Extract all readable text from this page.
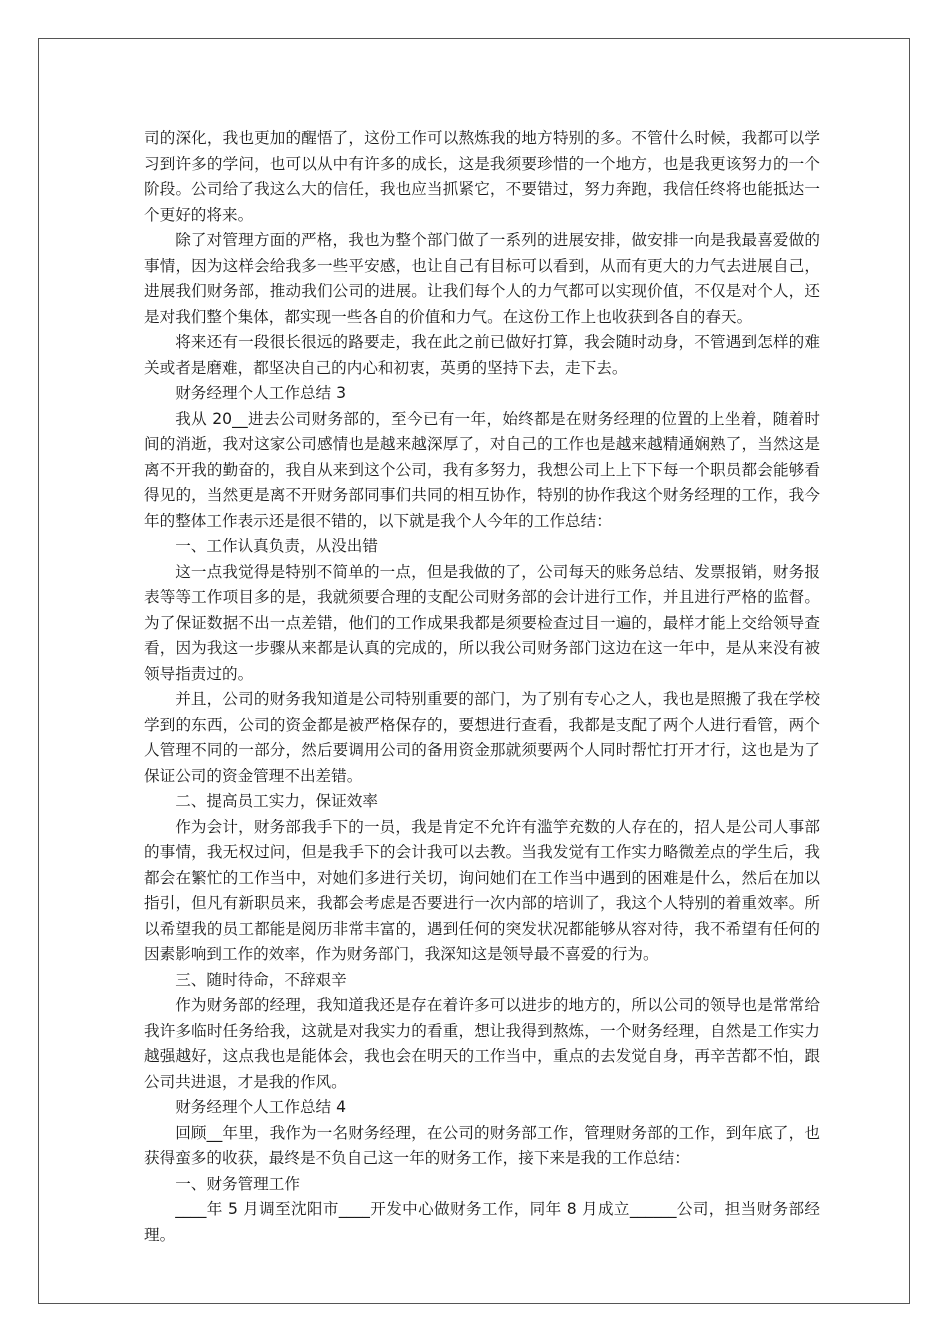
司的深化，我也更加的醒悟了，这份工作可以熬炼我的地方特别的多。不管什么时候，我都可以学习到许多的学问，也可以从中有许多的成长，这是我须要珍惜的一个地方，也是我更该努力的一个阶段。公司给了我这么大的信任，我也应当抓紧它，不要错过，努力奔跑，我信任终将也能抵达一个更好的将来。

除了对管理方面的严格，我也为整个部门做了一系列的进展安排，做安排一向是我最喜爱做的事情，因为这样会给我多一些平安感，也让自己有目标可以看到，从而有更大的力气去进展自己，进展我们财务部，推动我们公司的进展。让我们每个人的力气都可以实现价值，不仅是对个人，还是对我们整个集体，都实现一些各自的价值和力气。在这份工作上也收获到各自的春天。

将来还有一段很长很远的路要走，我在此之前已做好打算，我会随时动身，不管遇到怎样的难关或者是磨难，都坚决自己的内心和初衷，英勇的坚持下去，走下去。

财务经理个人工作总结 3

我从 20__进去公司财务部的，至今已有一年，始终都是在财务经理的位置的上坐着，随着时间的消逝，我对这家公司感情也是越来越深厚了，对自己的工作也是越来越精通娴熟了，当然这是离不开我的勤奋的，我自从来到这个公司，我有多努力，我想公司上上下下每一个职员都会能够看得见的，当然更是离不开财务部同事们共同的相互协作，特别的协作我这个财务经理的工作，我今年的整体工作表示还是很不错的，以下就是我个人今年的工作总结：

一、工作认真负责，从没出错

这一点我觉得是特别不简单的一点，但是我做的了，公司每天的账务总结、发票报销，财务报表等等工作项目多的是，我就须要合理的支配公司财务部的会计进行工作，并且进行严格的监督。为了保证数据不出一点差错，他们的工作成果我都是须要检查过目一遍的，最样才能上交给领导查看，因为我这一步骤从来都是认真的完成的，所以我公司财务部门这边在这一年中，是从来没有被领导指责过的。

并且，公司的财务我知道是公司特别重要的部门，为了别有专心之人，我也是照搬了我在学校学到的东西，公司的资金都是被严格保存的，要想进行查看，我都是支配了两个人进行看管，两个人管理不同的一部分，然后要调用公司的备用资金那就须要两个人同时帮忙打开才行，这也是为了保证公司的资金管理不出差错。

二、提高员工实力，保证效率

作为会计，财务部我手下的一员，我是肯定不允许有滥竽充数的人存在的，招人是公司人事部的事情，我无权过问，但是我手下的会计我可以去教。当我发觉有工作实力略微差点的学生后，我都会在繁忙的工作当中，对她们多进行关切，询问她们在工作当中遇到的困难是什么，然后在加以指引，但凡有新职员来，我都会考虑是否要进行一次内部的培训了，我这个人特别的着重效率。所以希望我的员工都能是阅历非常丰富的，遇到任何的突发状况都能够从容对待，我不希望有任何的因素影响到工作的效率，作为财务部门，我深知这是领导最不喜爱的行为。

三、随时待命，不辞艰辛

作为财务部的经理，我知道我还是存在着许多可以进步的地方的，所以公司的领导也是常常给我许多临时任务给我，这就是对我实力的看重，想让我得到熬炼，一个财务经理，自然是工作实力越强越好，这点我也是能体会，我也会在明天的工作当中，重点的去发觉自身，再辛苦都不怕，跟公司共进退，才是我的作风。

财务经理个人工作总结 4

回顾__年里，我作为一名财务经理，在公司的财务部工作，管理财务部的工作，到年底了，也获得蛮多的收获，最终是不负自己这一年的财务工作，接下来是我的工作总结：

一、财务管理工作

____年 5 月调至沈阳市____开发中心做财务工作，同年 8 月成立______公司，担当财务部经理。
